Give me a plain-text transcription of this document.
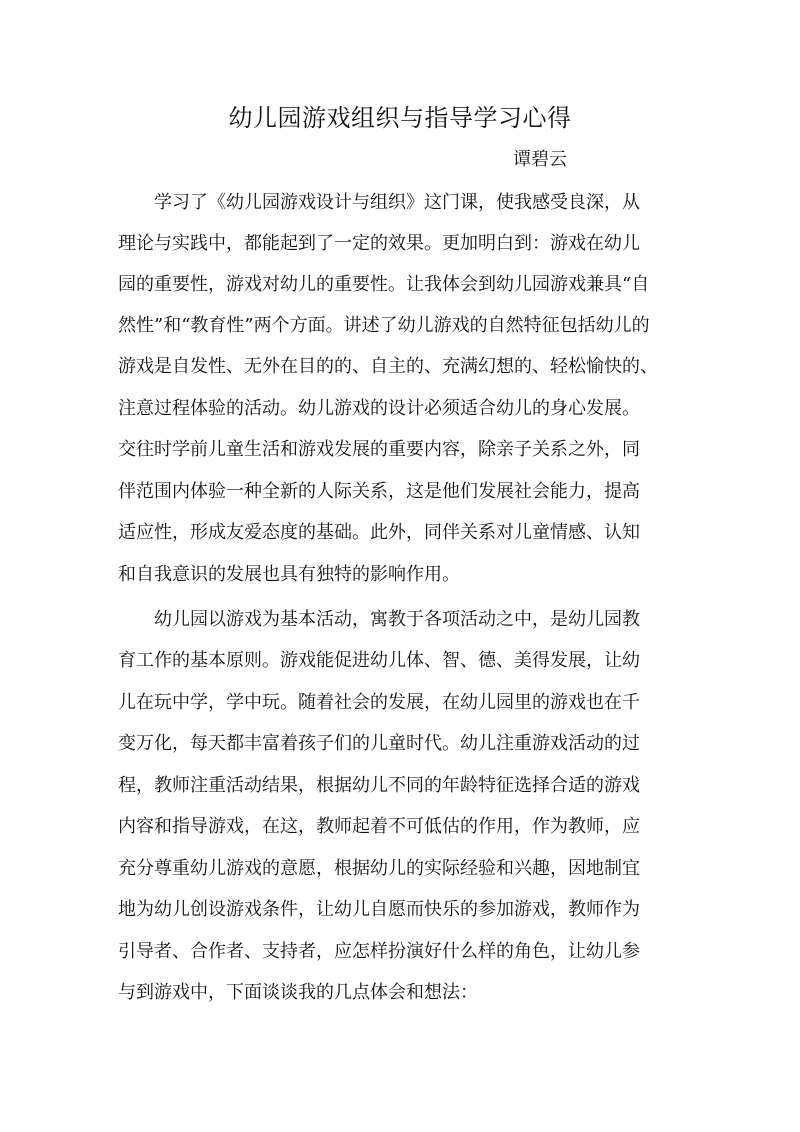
幼儿园游戏组织与指导学习心得
谭碧云
　　学习了《幼儿园游戏设计与组织》这门课，使我感受良深，从
理论与实践中，都能起到了一定的效果。更加明白到：游戏在幼儿
园的重要性，游戏对幼儿的重要性。让我体会到幼儿园游戏兼具“自
然性”和“教育性”两个方面。讲述了幼儿游戏的自然特征包括幼儿的
游戏是自发性、无外在目的的、自主的、充满幻想的、轻松愉快的、
注意过程体验的活动。幼儿游戏的设计必须适合幼儿的身心发展。
交往时学前儿童生活和游戏发展的重要内容，除亲子关系之外，同
伴范围内体验一种全新的人际关系，这是他们发展社会能力，提高
适应性，形成友爱态度的基础。此外，同伴关系对儿童情感、认知
和自我意识的发展也具有独特的影响作用。
　　幼儿园以游戏为基本活动，寓教于各项活动之中，是幼儿园教
育工作的基本原则。游戏能促进幼儿体、智、德、美得发展，让幼
儿在玩中学，学中玩。随着社会的发展，在幼儿园里的游戏也在千
变万化，每天都丰富着孩子们的儿童时代。幼儿注重游戏活动的过
程，教师注重活动结果，根据幼儿不同的年龄特征选择合适的游戏
内容和指导游戏，在这，教师起着不可低估的作用，作为教师，应
充分尊重幼儿游戏的意愿，根据幼儿的实际经验和兴趣，因地制宜
地为幼儿创设游戏条件，让幼儿自愿而快乐的参加游戏，教师作为
引导者、合作者、支持者，应怎样扮演好什么样的角色，让幼儿参
与到游戏中，下面谈谈我的几点体会和想法：
